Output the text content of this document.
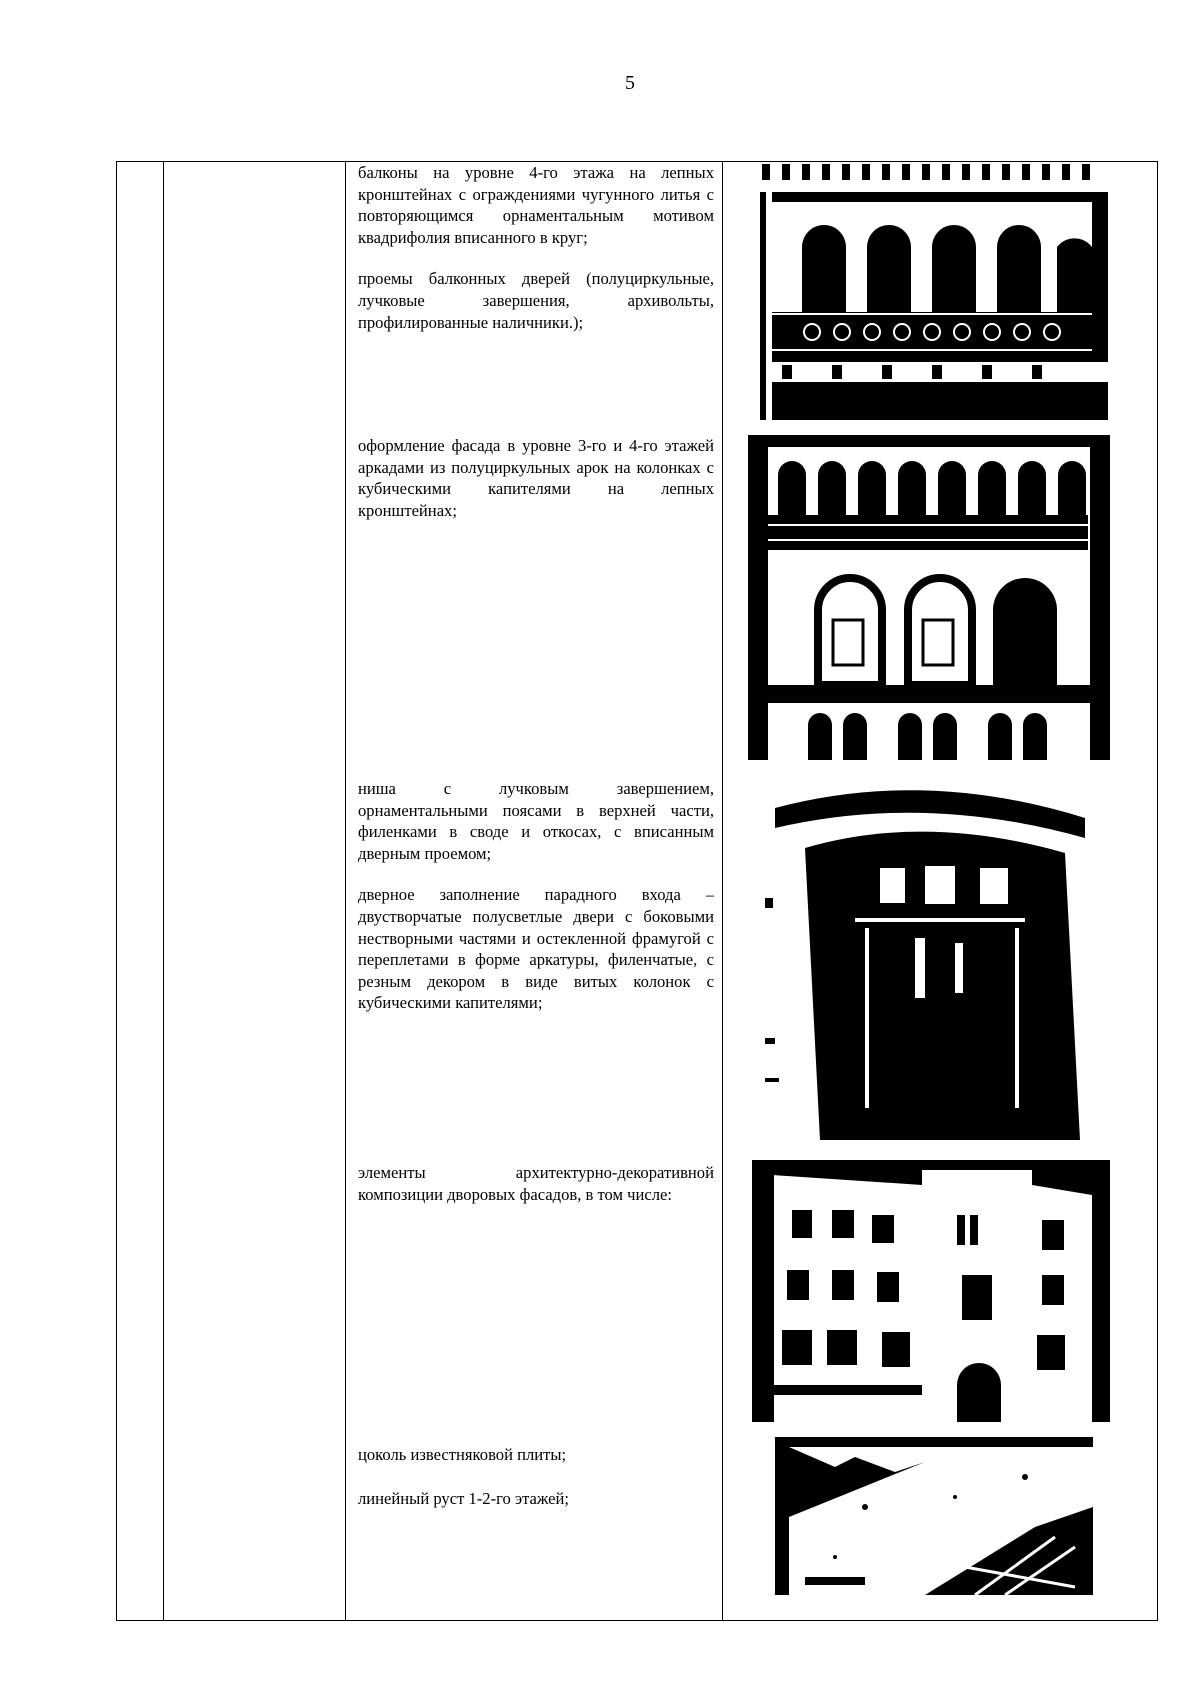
5

балконы на уровне 4-го этажа на лепных кронштейнах с ограждениями чугунного литья с повторяющимся орнаментальным мотивом квадрифолия вписанного в круг;

проемы балконных дверей (полуциркульные, лучковые завершения, архивольты, профилированные наличники.);

оформление фасада в уровне 3-го и 4-го этажей аркадами из полуциркульных арок на колонках с кубическими капителями на лепных кронштейнах;

ниша с лучковым завершением, орнаментальными поясами в верхней части, филенками в своде и откосах, с вписанным дверным проемом;

дверное заполнение парадного входа – двустворчатые полусветлые двери с боковыми нестворными частями и остекленной фрамугой с переплетами в форме аркатуры, филенчатые, с резным декором в виде витых колонок с кубическими капителями;

элементы архитектурно-декоративной композиции дворовых фасадов, в том числе:

цоколь известняковой плиты;

линейный руст 1-2-го этажей;
